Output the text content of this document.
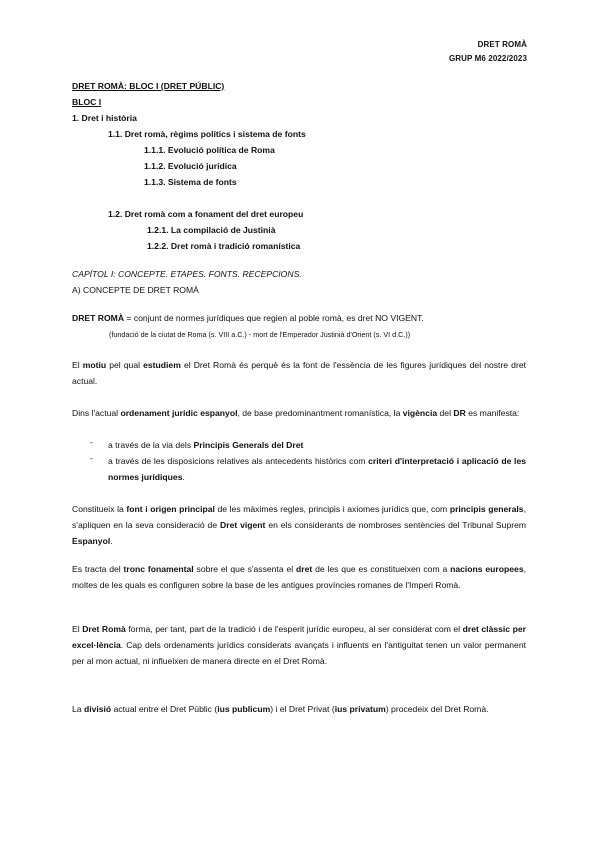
DRET ROMÀ
GRUP M6 2022/2023
DRET ROMÀ: BLOC I (DRET PÚBLIC)
BLOC I
1. Dret i història
1.1. Dret romà, règims polítics i sistema de fonts
1.1.1. Evolució política de Roma
1.1.2. Evolució jurídica
1.1.3. Sistema de fonts
1.2. Dret romà com a fonament del dret europeu
1.2.1. La compilació de Justinià
1.2.2. Dret romà i tradició romanística
CAPÍTOL I: CONCEPTE. ETAPES. FONTS. RECEPCIONS.
A) CONCEPTE DE DRET ROMÀ
DRET ROMÀ = conjunt de normes jurídiques que regien al poble romà, es dret NO VIGENT.
(fundació de la ciutat de Roma (s. VIII a.C.) - mort de l'Emperador Justinià d'Orient (s. VI d.C.))
El motiu pel qual estudiem el Dret Romà és perquè és la font de l'essència de les figures jurídiques del nostre dret actual.
Dins l'actual ordenament jurídic espanyol, de base predominantment romanística, la vigència del DR es manifesta:
- a través de la via dels Principis Generals del Dret
- a través de les disposicions relatives als antecedents històrics com criteri d'interpretació i aplicació de les normes jurídiques.
Constitueix la font i origen principal de les màximes regles, principis i axiomes jurídics que, com principis generals, s'apliquen en la seva consideració de Dret vigent en els considerants de nombroses sentències del Tribunal Suprem Espanyol.
Es tracta del tronc fonamental sobre el que s'assenta el dret de les que es constitueixen com a nacions europees, moltes de les quals es configuren sobre la base de les antigues províncies romanes de l'Imperi Romà.
El Dret Romà forma, per tant, part de la tradició i de l'esperit jurídic europeu, al ser considerat com el dret clàssic per excel·lència. Cap dels ordenaments jurídics considerats avançats i influents en l'antiguitat tenen un valor permanent per al mon actual, ni influeixen de manera directe en el Dret Romà.
La divisió actual entre el Dret Públic (ius publicum) i el Dret Privat (ius privatum) procedeix del Dret Romà.
